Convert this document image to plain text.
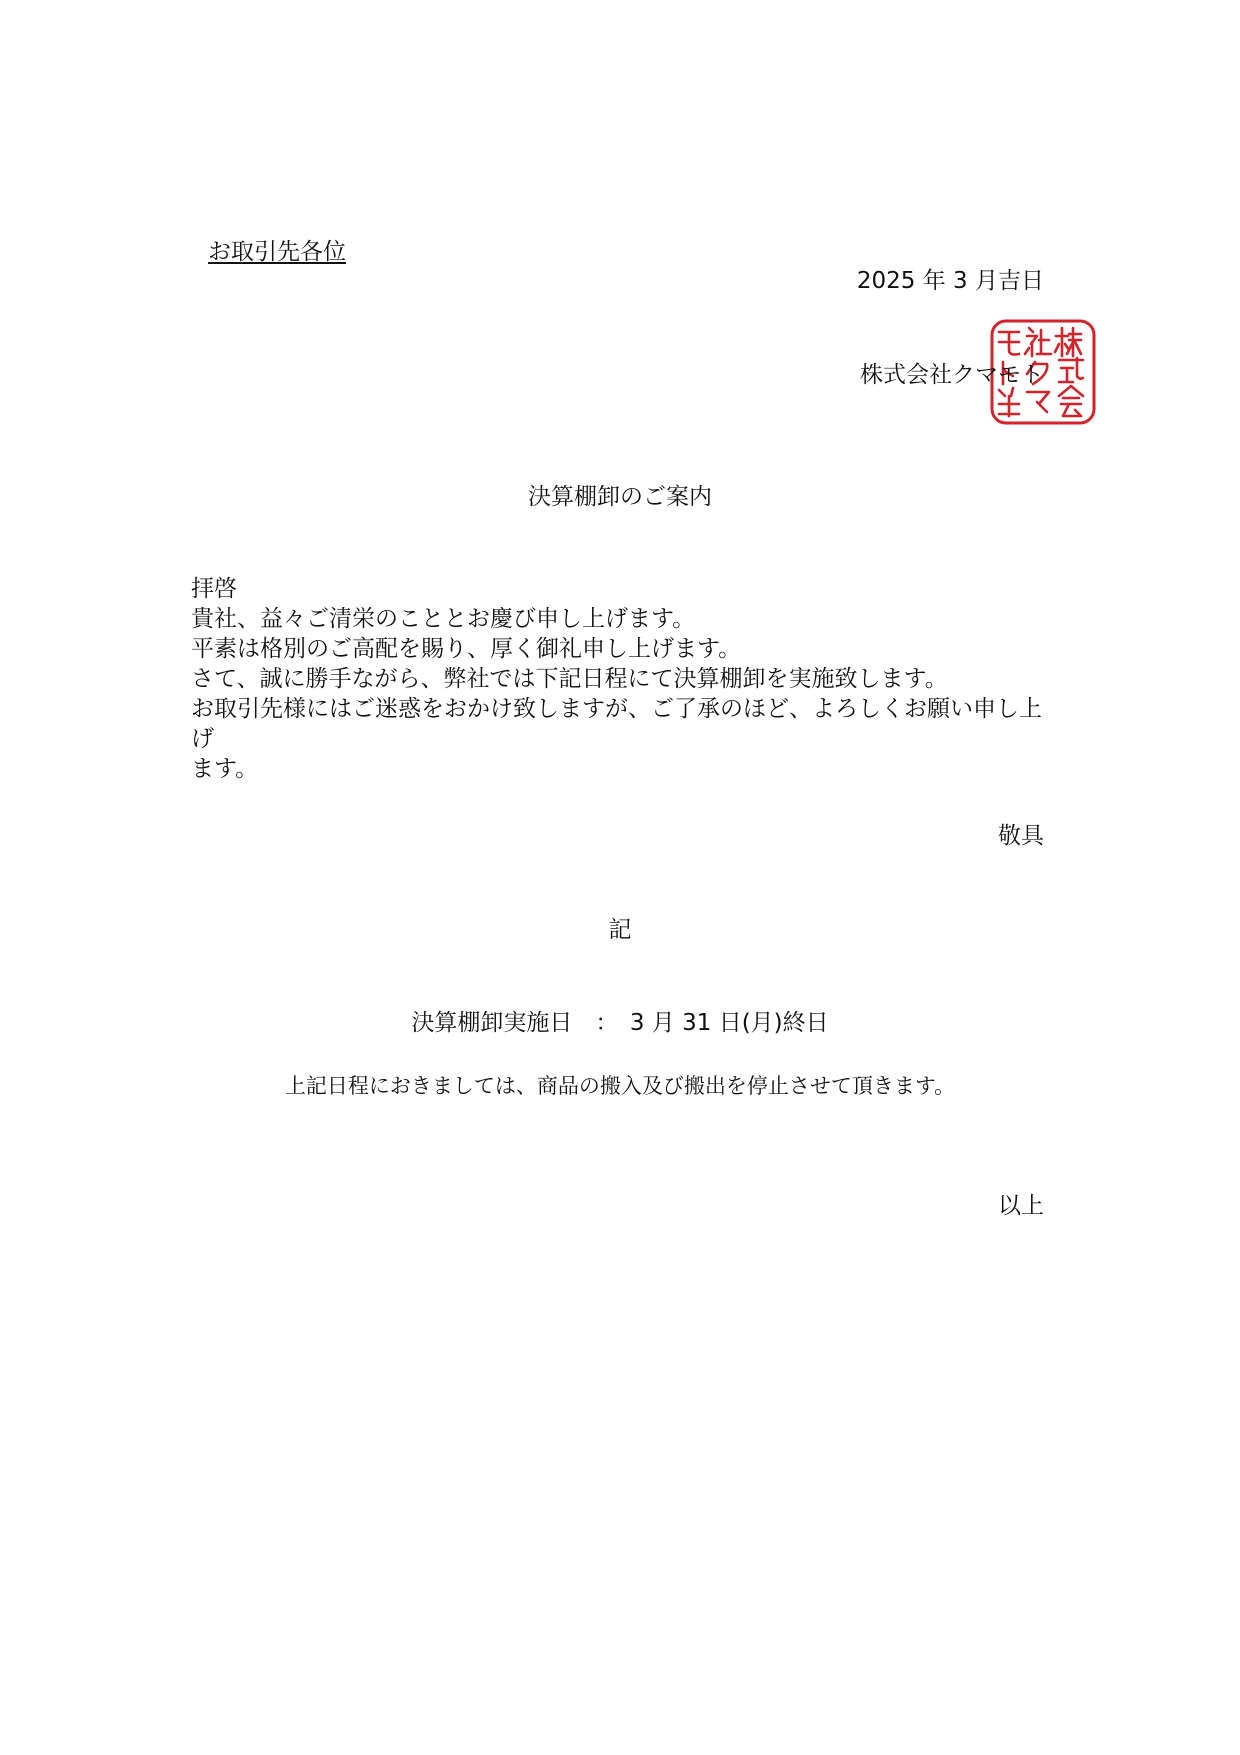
お取引先各位
2025 年 3 月吉日
株式会社クマモト
決算棚卸のご案内
拝啓
貴社、益々ご清栄のこととお慶び申し上げます。
平素は格別のご高配を賜り、厚く御礼申し上げます。
さて、誠に勝手ながら、弊社では下記日程にて決算棚卸を実施致します。
お取引先様にはご迷惑をおかけ致しますが、ご了承のほど、よろしくお願い申し上げ
ます。
敬具
記
決算棚卸実施日　：　3 月 31 日(月)終日
上記日程におきましては、商品の搬入及び搬出を停止させて頂きます。
以上
